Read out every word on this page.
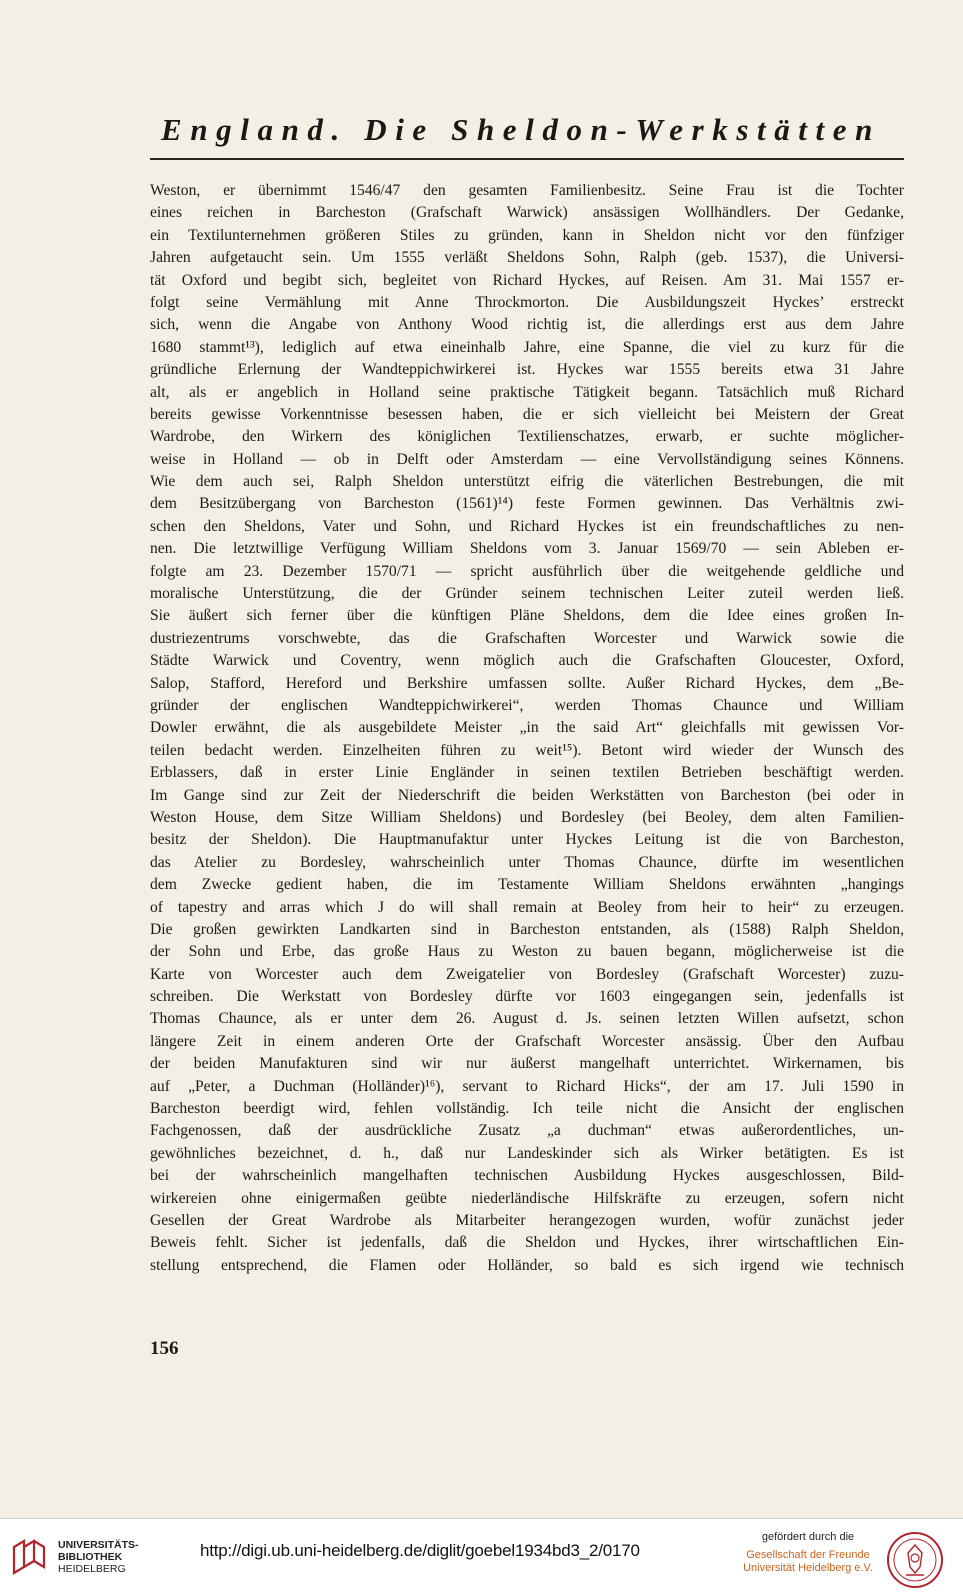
England. Die Sheldon-Werkstätten
Weston, er übernimmt 1546/47 den gesamten Familienbesitz. Seine Frau ist die Tochter
eines reichen in Barcheston (Grafschaft Warwick) ansässigen Wollhändlers. Der Gedanke,
ein Textilunternehmen größeren Stiles zu gründen, kann in Sheldon nicht vor den fünfziger
Jahren aufgetaucht sein. Um 1555 verläßt Sheldons Sohn, Ralph (geb. 1537), die Universi-
tät Oxford und begibt sich, begleitet von Richard Hyckes, auf Reisen. Am 31. Mai 1557 er-
folgt seine Vermählung mit Anne Throckmorton. Die Ausbildungszeit Hyckes’ erstreckt
sich, wenn die Angabe von Anthony Wood richtig ist, die allerdings erst aus dem Jahre
1680 stammt¹³), lediglich auf etwa eineinhalb Jahre, eine Spanne, die viel zu kurz für die
gründliche Erlernung der Wandteppichwirkerei ist. Hyckes war 1555 bereits etwa 31 Jahre
alt, als er angeblich in Holland seine praktische Tätigkeit begann. Tatsächlich muß Richard
bereits gewisse Vorkenntnisse besessen haben, die er sich vielleicht bei Meistern der Great
Wardrobe, den Wirkern des königlichen Textilienschatzes, erwarb, er suchte möglicher-
weise in Holland — ob in Delft oder Amsterdam — eine Vervollständigung seines Könnens.
Wie dem auch sei, Ralph Sheldon unterstützt eifrig die väterlichen Bestrebungen, die mit
dem Besitzübergang von Barcheston (1561)¹⁴) feste Formen gewinnen. Das Verhältnis zwi-
schen den Sheldons, Vater und Sohn, und Richard Hyckes ist ein freundschaftliches zu nen-
nen. Die letztwillige Verfügung William Sheldons vom 3. Januar 1569/70 — sein Ableben er-
folgte am 23. Dezember 1570/71 — spricht ausführlich über die weitgehende geldliche und
moralische Unterstützung, die der Gründer seinem technischen Leiter zuteil werden ließ.
Sie äußert sich ferner über die künftigen Pläne Sheldons, dem die Idee eines großen In-
dustriezentrums vorschwebte, das die Grafschaften Worcester und Warwick sowie die
Städte Warwick und Coventry, wenn möglich auch die Grafschaften Gloucester, Oxford,
Salop, Stafford, Hereford und Berkshire umfassen sollte. Außer Richard Hyckes, dem „Be-
gründer der englischen Wandteppichwirkerei“, werden Thomas Chaunce und William
Dowler erwähnt, die als ausgebildete Meister „in the said Art“ gleichfalls mit gewissen Vor-
teilen bedacht werden. Einzelheiten führen zu weit¹⁵). Betont wird wieder der Wunsch des
Erblassers, daß in erster Linie Engländer in seinen textilen Betrieben beschäftigt werden.
Im Gange sind zur Zeit der Niederschrift die beiden Werkstätten von Barcheston (bei oder in
Weston House, dem Sitze William Sheldons) und Bordesley (bei Beoley, dem alten Familien-
besitz der Sheldon). Die Hauptmanufaktur unter Hyckes Leitung ist die von Barcheston,
das Atelier zu Bordesley, wahrscheinlich unter Thomas Chaunce, dürfte im wesentlichen
dem Zwecke gedient haben, die im Testamente William Sheldons erwähnten „hangings
of tapestry and arras which J do will shall remain at Beoley from heir to heir“ zu erzeugen.
Die großen gewirkten Landkarten sind in Barcheston entstanden, als (1588) Ralph Sheldon,
der Sohn und Erbe, das große Haus zu Weston zu bauen begann, möglicherweise ist die
Karte von Worcester auch dem Zweigatelier von Bordesley (Grafschaft Worcester) zuzu-
schreiben. Die Werkstatt von Bordesley dürfte vor 1603 eingegangen sein, jedenfalls ist
Thomas Chaunce, als er unter dem 26. August d. Js. seinen letzten Willen aufsetzt, schon
längere Zeit in einem anderen Orte der Grafschaft Worcester ansässig. Über den Aufbau
der beiden Manufakturen sind wir nur äußerst mangelhaft unterrichtet. Wirkernamen, bis
auf „Peter, a Duchman (Holländer)¹⁶), servant to Richard Hicks“, der am 17. Juli 1590 in
Barcheston beerdigt wird, fehlen vollständig. Ich teile nicht die Ansicht der englischen
Fachgenossen, daß der ausdrückliche Zusatz „a duchman“ etwas außerordentliches, un-
gewöhnliches bezeichnet, d. h., daß nur Landeskinder sich als Wirker betätigten. Es ist
bei der wahrscheinlich mangelhaften technischen Ausbildung Hyckes ausgeschlossen, Bild-
wirkereien ohne einigermaßen geübte niederländische Hilfskräfte zu erzeugen, sofern nicht
Gesellen der Great Wardrobe als Mitarbeiter herangezogen wurden, wofür zunächst jeder
Beweis fehlt. Sicher ist jedenfalls, daß die Sheldon und Hyckes, ihrer wirtschaftlichen Ein-
stellung entsprechend, die Flamen oder Holländer, so bald es sich irgend wie technisch
156
UNIVERSITÄTS-
BIBLIOTHEK
HEIDELBERG
http://digi.ub.uni-heidelberg.de/diglit/goebel1934bd3_2/0170
gefördert durch die
Gesellschaft der Freunde
Universität Heidelberg e.V.
